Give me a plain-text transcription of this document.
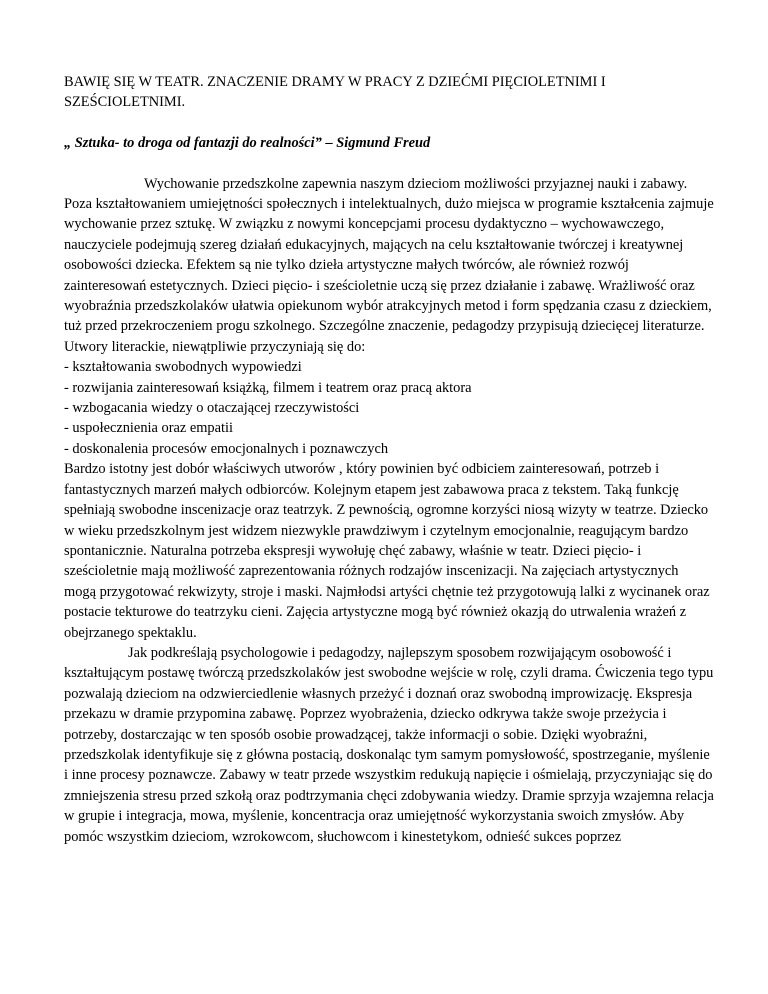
BAWIĘ SIĘ W TEATR. ZNACZENIE DRAMY W PRACY Z DZIEĆMI PIĘCIOLETNIMI I
SZEŚCIOLETNIMI.

„ Sztuka- to droga od fantazji do realności” – Sigmund Freud

Wychowanie przedszkolne zapewnia naszym dzieciom możliwości przyjaznej nauki i zabawy. Poza kształtowaniem umiejętności społecznych i intelektualnych, dużo miejsca w programie kształcenia zajmuje wychowanie przez sztukę. W związku z nowymi koncepcjami procesu dydaktyczno – wychowawczego, nauczyciele podejmują szereg działań edukacyjnych, mających na celu kształtowanie twórczej i kreatywnej osobowości dziecka. Efektem są nie tylko dzieła artystyczne małych twórców, ale również rozwój zainteresowań estetycznych. Dzieci pięcio- i sześcioletnie uczą się przez działanie i zabawę. Wrażliwość oraz wyobraźnia przedszkolaków ułatwia opiekunom wybór atrakcyjnych metod i form spędzania czasu z dzieckiem, tuż przed przekroczeniem progu szkolnego. Szczególne znaczenie, pedagodzy przypisują dziecięcej literaturze. Utwory literackie, niewątpliwie przyczyniają się do:

- kształtowania swobodnych wypowiedzi
- rozwijania zainteresowań książką, filmem i teatrem oraz pracą aktora
- wzbogacania wiedzy o otaczającej rzeczywistości
- uspołecznienia oraz empatii
- doskonalenia procesów emocjonalnych i poznawczych

Bardzo istotny jest dobór właściwych utworów , który powinien być odbiciem zainteresowań, potrzeb i fantastycznych marzeń małych odbiorców. Kolejnym etapem jest zabawowa praca z tekstem. Taką funkcję spełniają swobodne inscenizacje oraz teatrzyk. Z pewnością, ogromne korzyści niosą wizyty w teatrze. Dziecko w wieku przedszkolnym jest widzem niezwykle prawdziwym i czytelnym emocjonalnie, reagującym bardzo spontanicznie. Naturalna potrzeba ekspresji wywołuję chęć zabawy, właśnie w teatr. Dzieci pięcio- i sześcioletnie mają możliwość zaprezentowania różnych rodzajów inscenizacji. Na zajęciach artystycznych mogą przygotować rekwizyty, stroje i maski. Najmłodsi artyści chętnie też przygotowują lalki z wycinanek oraz postacie tekturowe do teatrzyku cieni. Zajęcia artystyczne mogą być również okazją do utrwalenia wrażeń z obejrzanego spektaklu.

Jak podkreślają psychologowie i pedagodzy, najlepszym sposobem rozwijającym osobowość i kształtującym postawę twórczą przedszkolaków jest swobodne wejście w rolę, czyli drama. Ćwiczenia tego typu pozwalają dzieciom na odzwierciedlenie własnych przeżyć i doznań oraz swobodną improwizację. Ekspresja przekazu w dramie przypomina zabawę. Poprzez wyobrażenia, dziecko odkrywa także swoje przeżycia i potrzeby, dostarczając w ten sposób osobie prowadzącej, także informacji o sobie. Dzięki wyobraźni, przedszkolak identyfikuje się z główna postacią, doskonaląc tym samym pomysłowość, spostrzeganie, myślenie i inne procesy poznawcze. Zabawy w teatr przede wszystkim redukują napięcie i ośmielają, przyczyniając się do zmniejszenia stresu przed szkołą oraz podtrzymania chęci zdobywania wiedzy. Dramie sprzyja wzajemna relacja w grupie i integracja, mowa, myślenie, koncentracja oraz umiejętność wykorzystania swoich zmysłów. Aby pomóc wszystkim dzieciom, wzrokowcom, słuchowcom i kinestetykom, odnieść sukces poprzez
